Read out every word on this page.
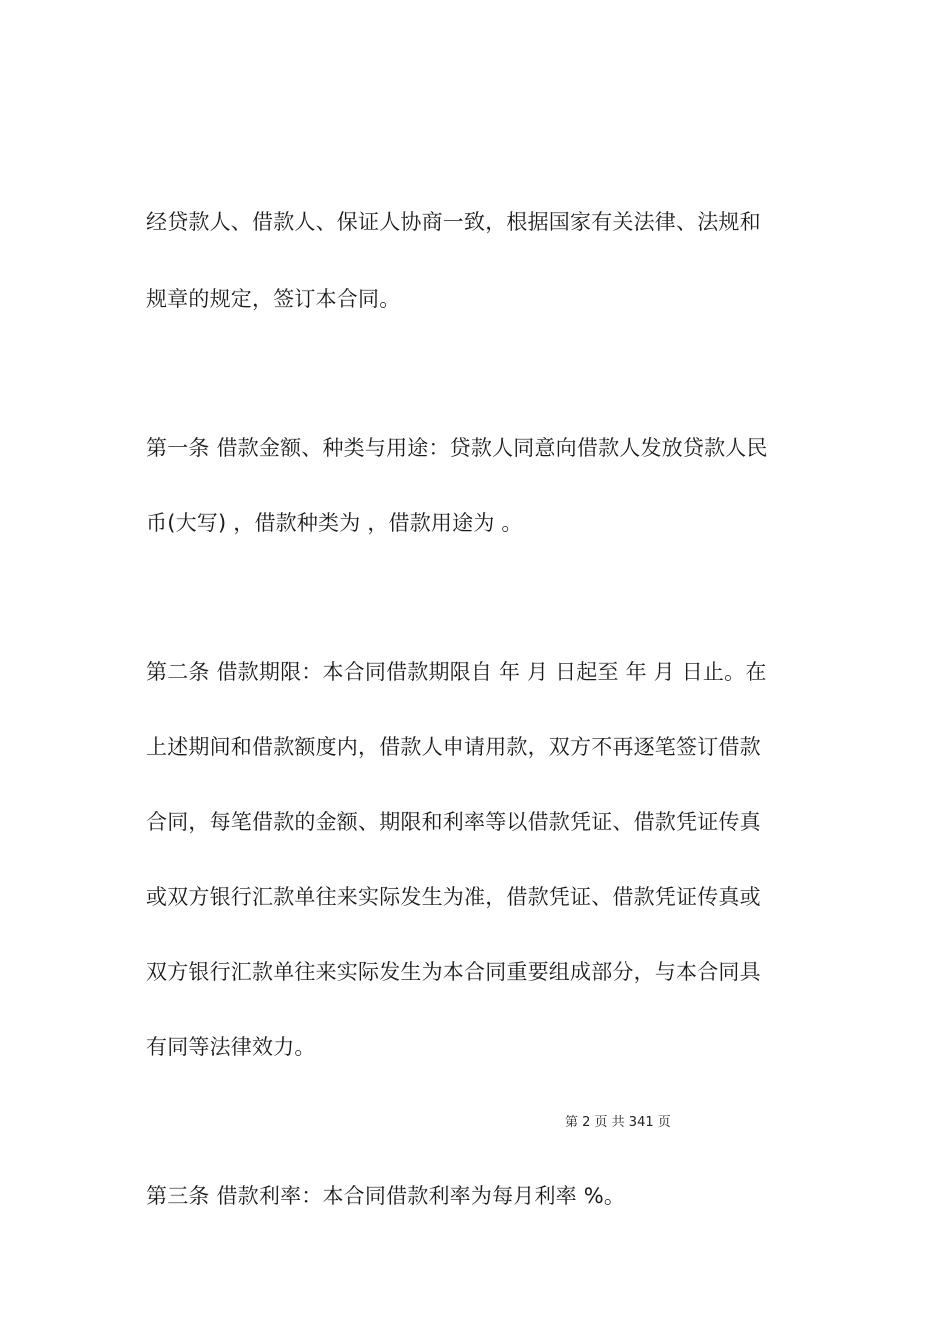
经贷款人、借款人、保证人协商一致，根据国家有关法律、法规和
规章的规定，签订本合同。
第一条 借款金额、种类与用途：贷款人同意向借款人发放贷款人民
币(大写) ，借款种类为 ，借款用途为 。
第二条 借款期限：本合同借款期限自 年 月 日起至 年 月 日止。在
上述期间和借款额度内，借款人申请用款，双方不再逐笔签订借款
合同，每笔借款的金额、期限和利率等以借款凭证、借款凭证传真
或双方银行汇款单往来实际发生为准，借款凭证、借款凭证传真或
双方银行汇款单往来实际发生为本合同重要组成部分，与本合同具
有同等法律效力。
第 2 页 共 341 页
第三条 借款利率：本合同借款利率为每月利率 %。
